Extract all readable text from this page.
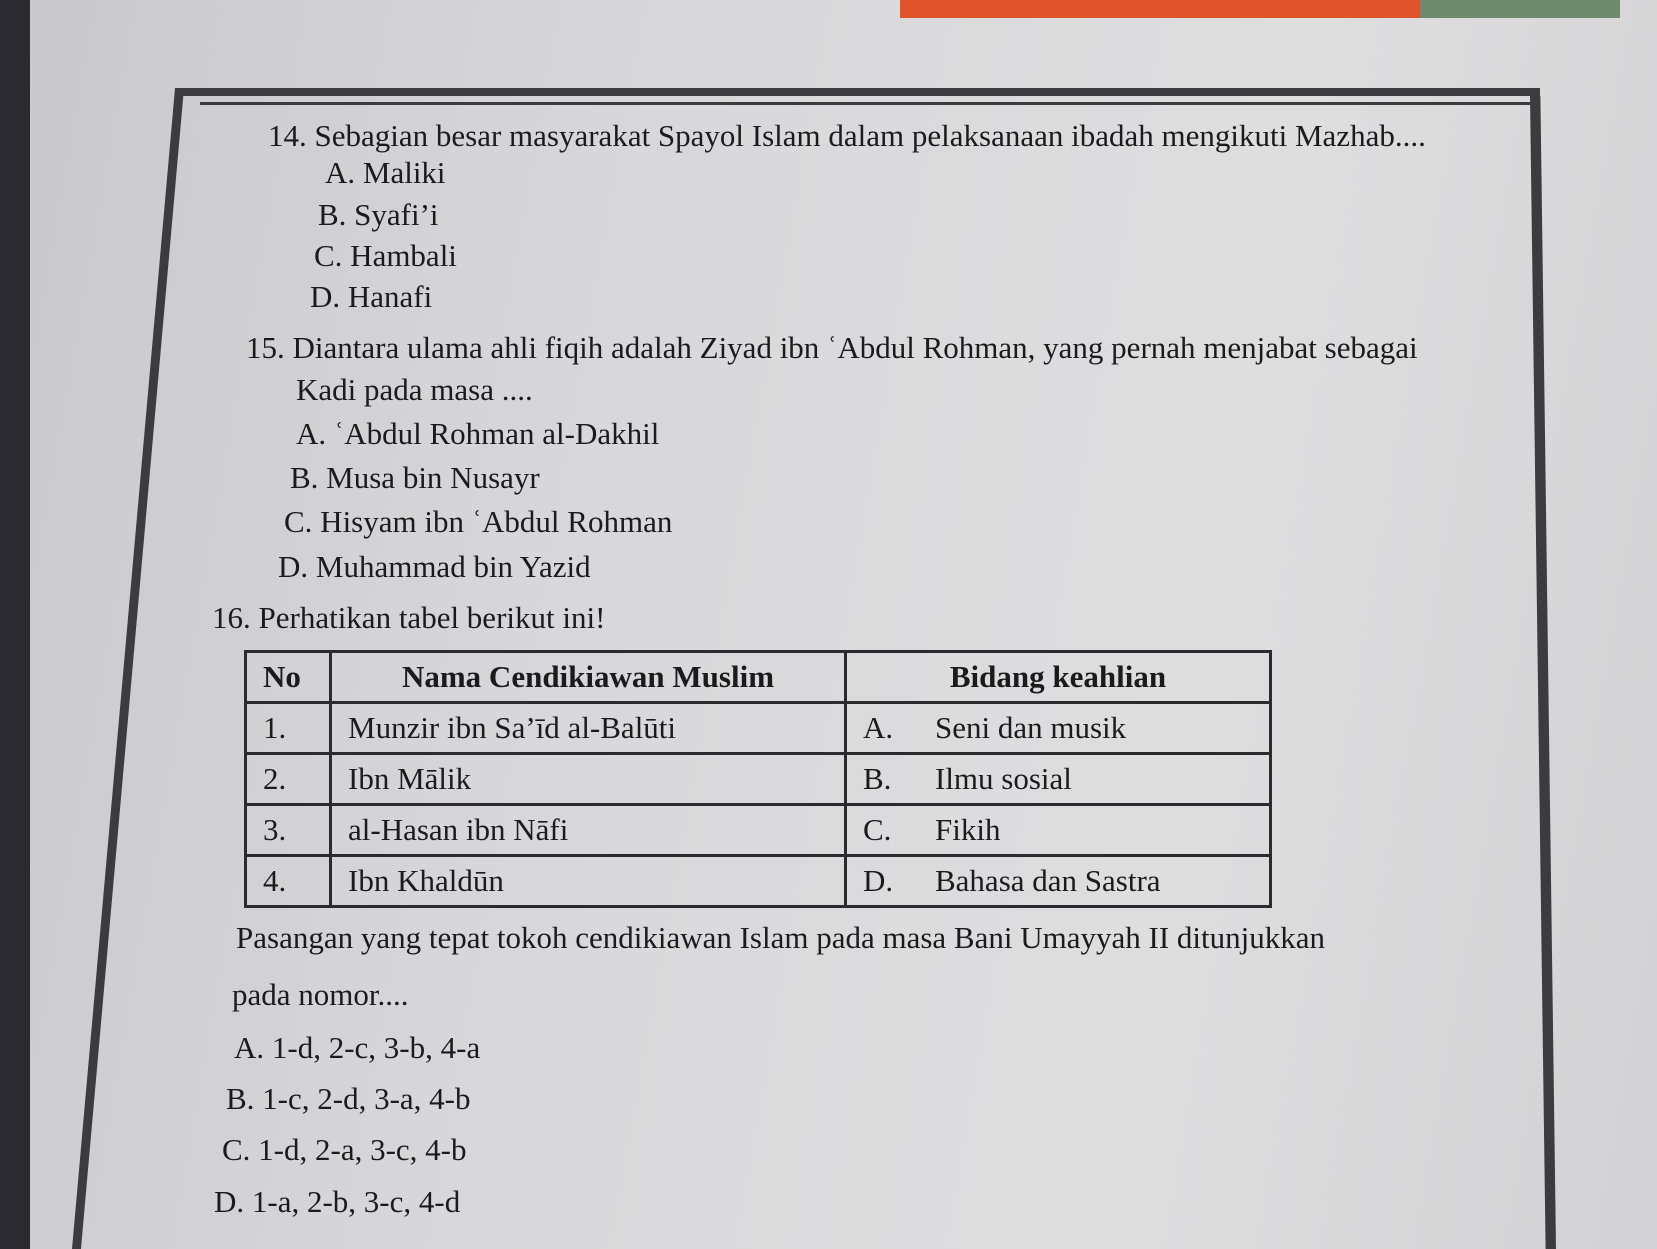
14. Sebagian besar masyarakat Spayol Islam dalam pelaksanaan ibadah mengikuti Mazhab....
A. Maliki
B. Syafi’i
C. Hambali
D. Hanafi
15. Diantara ulama ahli fiqih adalah Ziyad ibn ʿAbdul Rohman, yang pernah menjabat sebagai
Kadi pada masa ....
A. ʿAbdul Rohman al-Dakhil
B. Musa bin Nusayr
C. Hisyam ibn ʿAbdul Rohman
D. Muhammad bin Yazid
16. Perhatikan tabel berikut ini!
No	Nama Cendikiawan Muslim	Bidang keahlian	
1.	Munzir ibn Sa’īd al-Balūti	A.	Seni dan musik
2.	Ibn Mālik	B.	Ilmu sosial
3.	al-Hasan ibn Nāfi	C.	Fikih
4.	Ibn Khaldūn	D.	Bahasa dan Sastra
Pasangan yang tepat tokoh cendikiawan Islam pada masa Bani Umayyah II ditunjukkan
pada nomor....
A. 1-d, 2-c, 3-b, 4-a
B. 1-c, 2-d, 3-a, 4-b
C. 1-d, 2-a, 3-c, 4-b
D. 1-a, 2-b, 3-c, 4-d
